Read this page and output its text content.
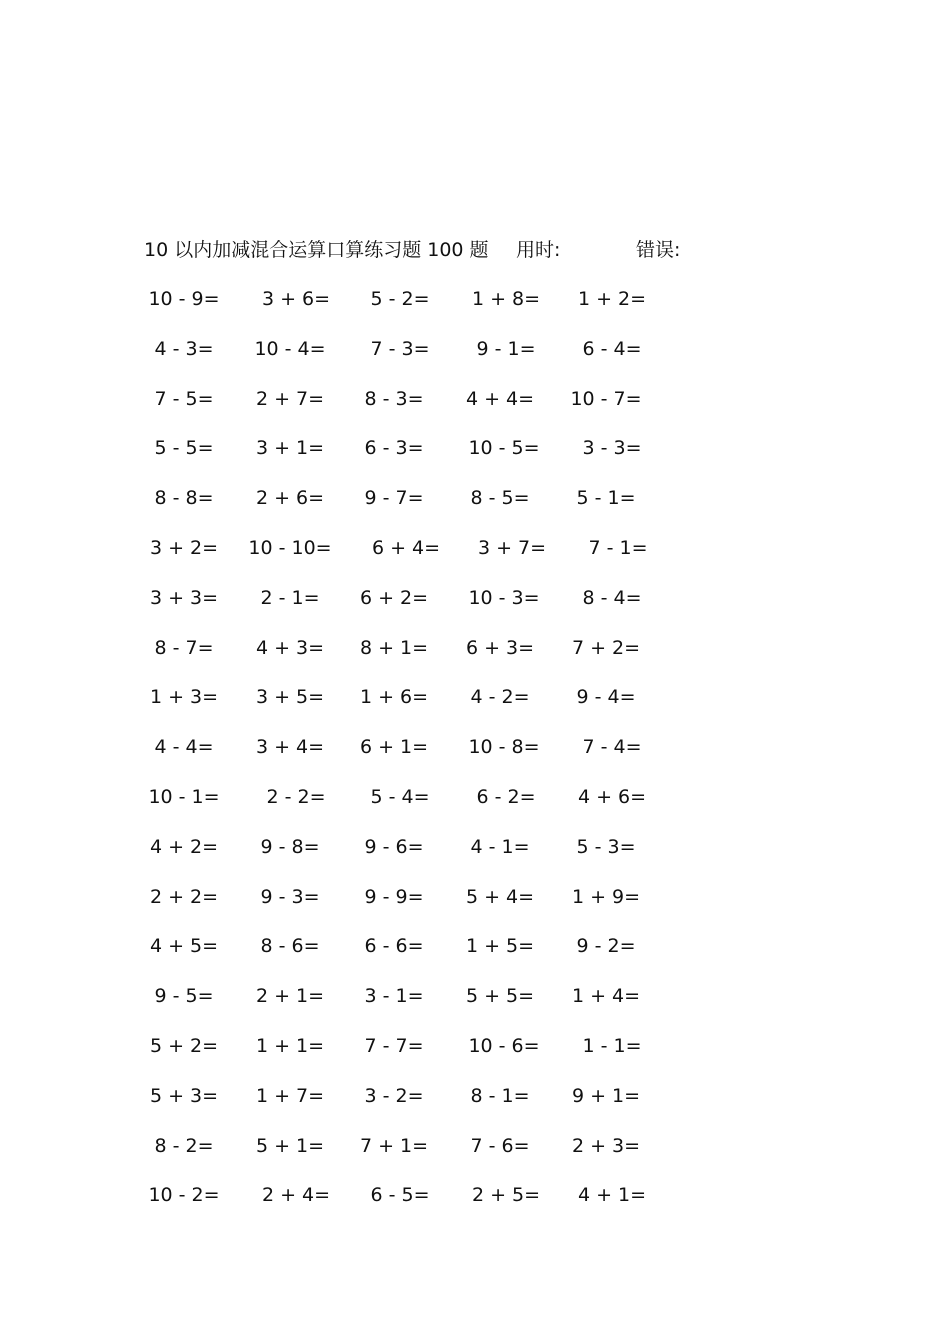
10 以内加减混合运算口算练习题 100 题 用时:	错误:
10 - 9=	3 + 6=	5 - 2=	1 + 8=	1 + 2=
4 - 3=	10 - 4=	7 - 3=	9 - 1=	6 - 4=
7 - 5=	2 + 7=	8 - 3=	4 + 4=	10 - 7=
5 - 5=	3 + 1=	6 - 3=	10 - 5=	3 - 3=
8 - 8=	2 + 6=	9 - 7=	8 - 5=	5 - 1=
3 + 2=	10 - 10=	6 + 4=	3 + 7=	7 - 1=
3 + 3=	2 - 1=	6 + 2=	10 - 3=	8 - 4=
8 - 7=	4 + 3=	8 + 1=	6 + 3=	7 + 2=
1 + 3=	3 + 5=	1 + 6=	4 - 2=	9 - 4=
4 - 4=	3 + 4=	6 + 1=	10 - 8=	7 - 4=
10 - 1=	2 - 2=	5 - 4=	6 - 2=	4 + 6=
4 + 2=	9 - 8=	9 - 6=	4 - 1=	5 - 3=
2 + 2=	9 - 3=	9 - 9=	5 + 4=	1 + 9=
4 + 5=	8 - 6=	6 - 6=	1 + 5=	9 - 2=
9 - 5=	2 + 1=	3 - 1=	5 + 5=	1 + 4=
5 + 2=	1 + 1=	7 - 7=	10 - 6=	1 - 1=
5 + 3=	1 + 7=	3 - 2=	8 - 1=	9 + 1=
8 - 2=	5 + 1=	7 + 1=	7 - 6=	2 + 3=
10 - 2=	2 + 4=	6 - 5=	2 + 5=	4 + 1=
